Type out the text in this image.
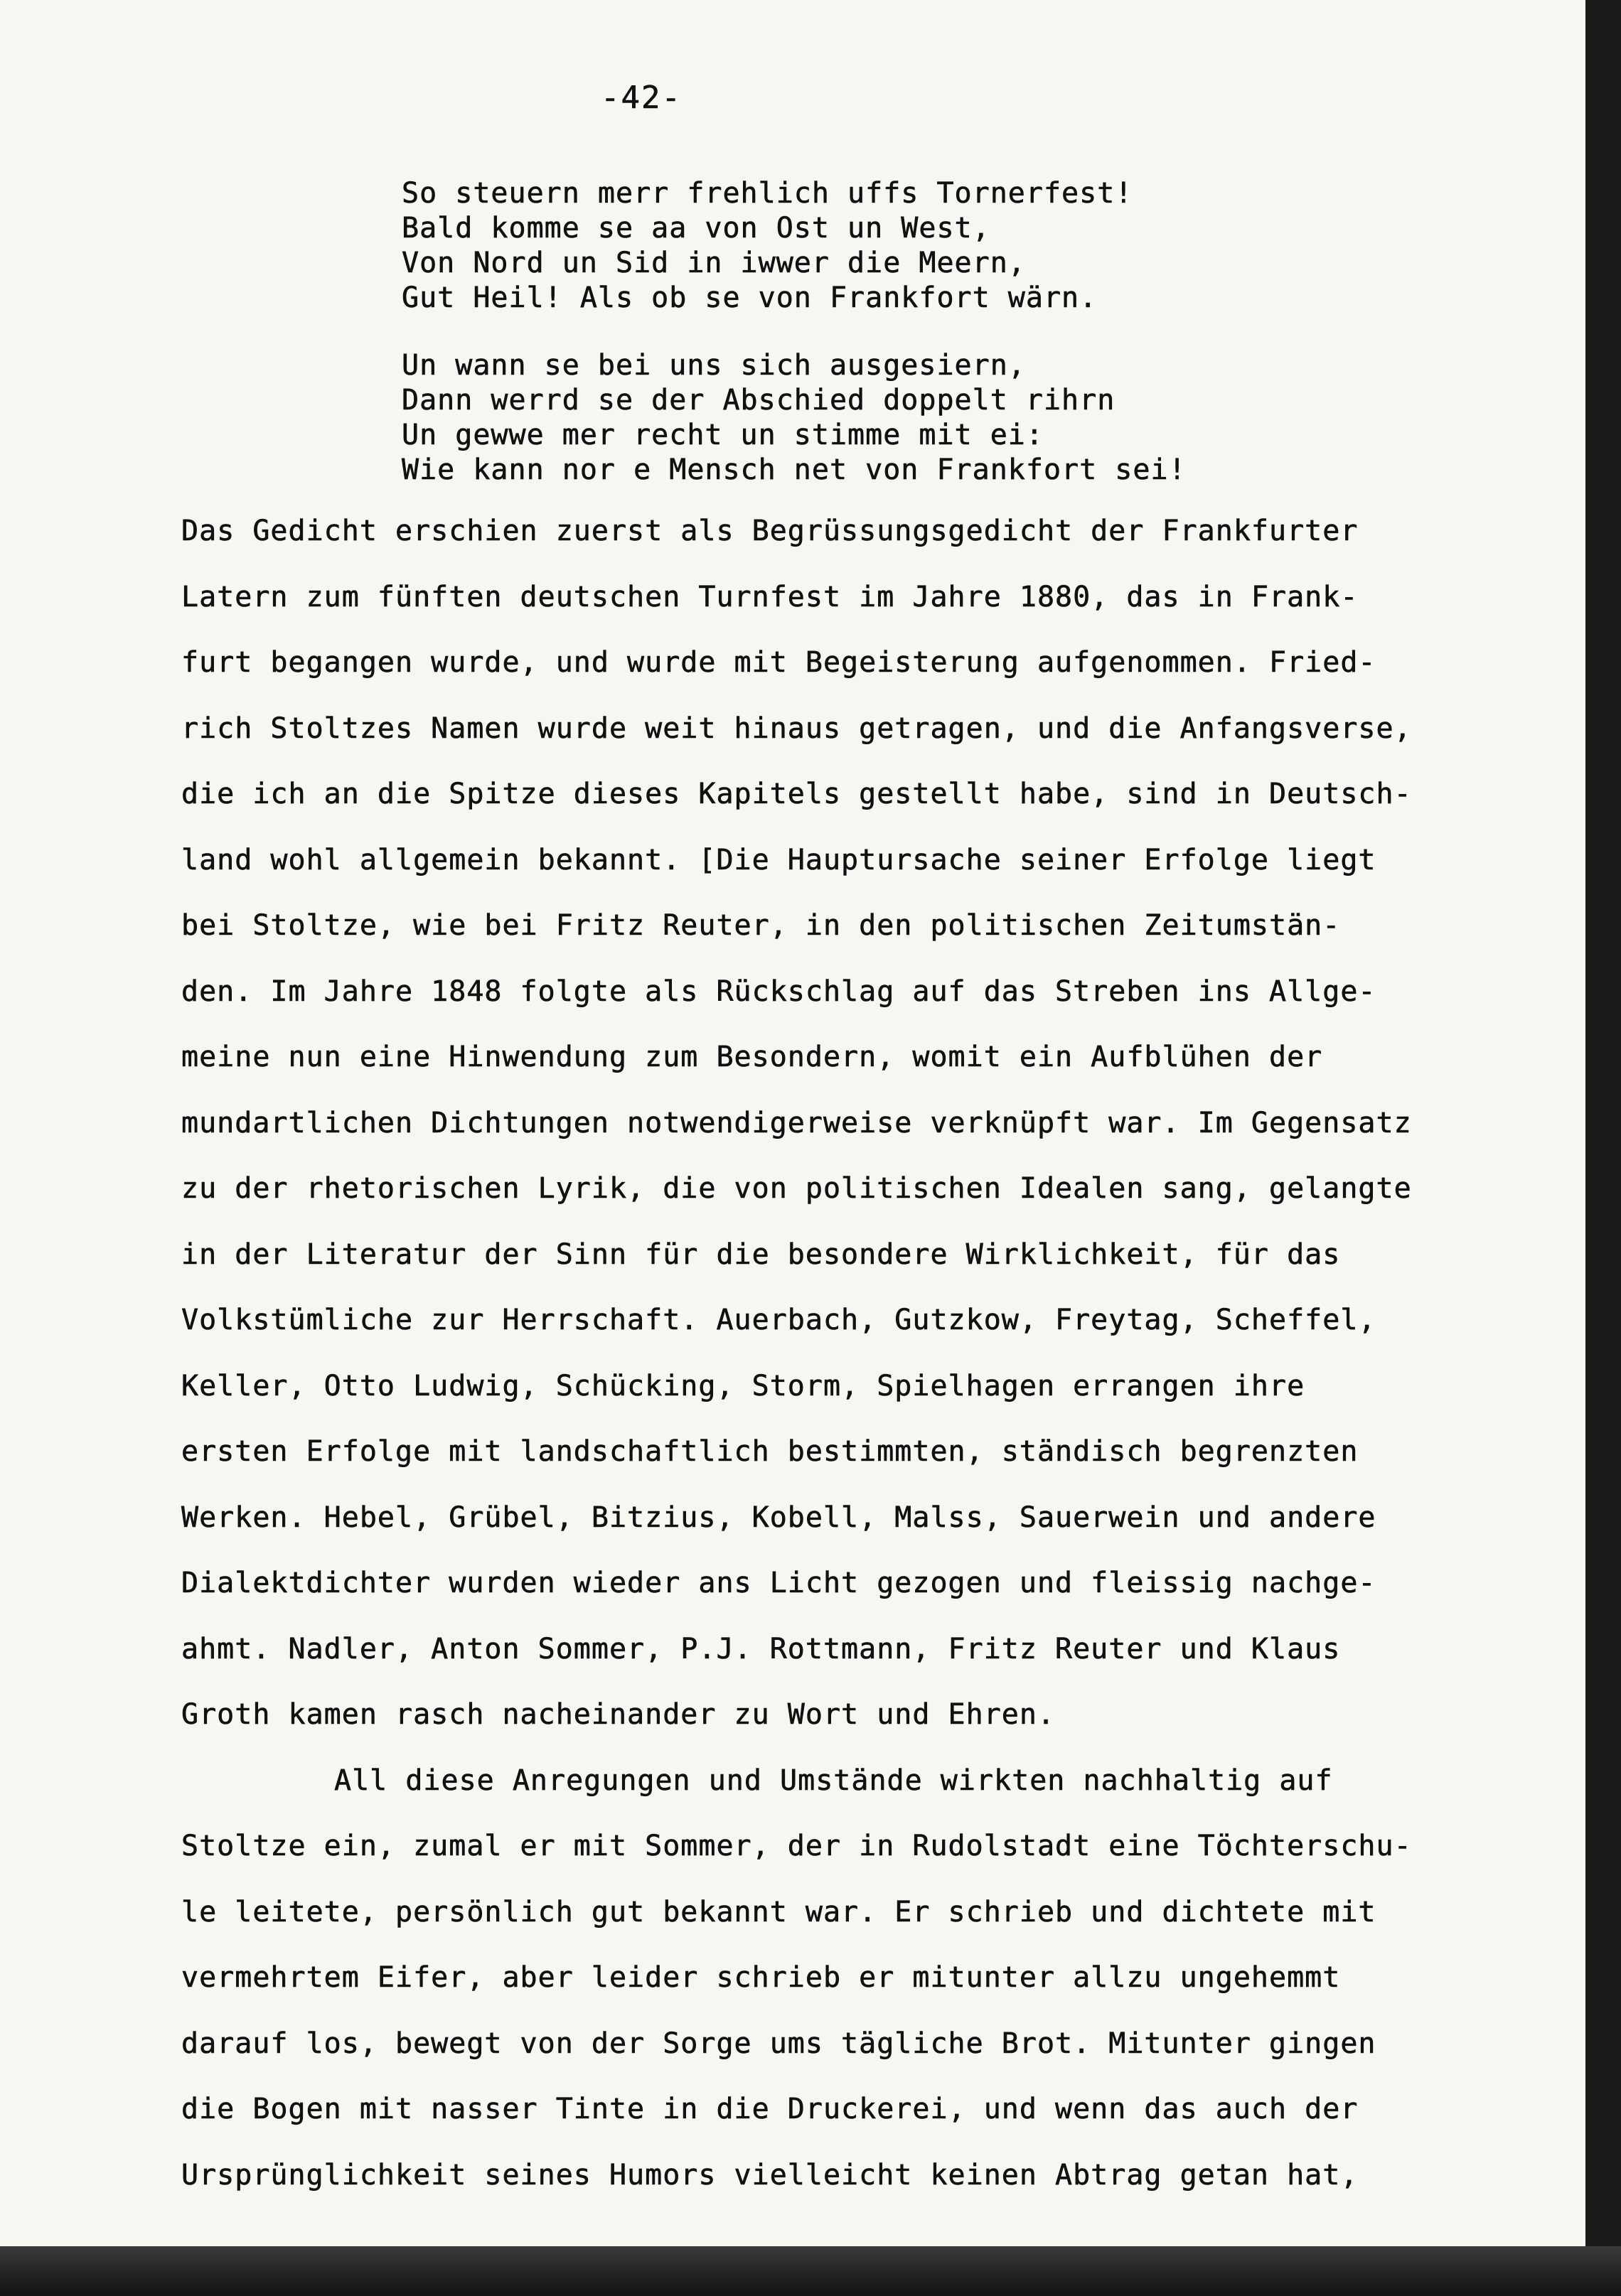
-42-
So steuern merr frehlich uffs Tornerfest!
Bald komme se aa von Ost un West,
Von Nord un Sid in iwwer die Meern,
Gut Heil! Als ob se von Frankfort wärn.
Un wann se bei uns sich ausgesiern,
Dann werrd se der Abschied doppelt rihrn
Un gewwe mer recht un stimme mit ei:
Wie kann nor e Mensch net von Frankfort sei!
Das Gedicht erschien zuerst als Begrüssungsgedicht der Frankfurter
Latern zum fünften deutschen Turnfest im Jahre 1880, das in Frank-
furt begangen wurde, und wurde mit Begeisterung aufgenommen. Fried-
rich Stoltzes Namen wurde weit hinaus getragen, und die Anfangsverse,
die ich an die Spitze dieses Kapitels gestellt habe, sind in Deutsch-
land wohl allgemein bekannt. [Die Hauptursache seiner Erfolge liegt
bei Stoltze, wie bei Fritz Reuter, in den politischen Zeitumstän-
den. Im Jahre 1848 folgte als Rückschlag auf das Streben ins Allge-
meine nun eine Hinwendung zum Besondern, womit ein Aufblühen der
mundartlichen Dichtungen notwendigerweise verknüpft war. Im Gegensatz
zu der rhetorischen Lyrik, die von politischen Idealen sang, gelangte
in der Literatur der Sinn für die besondere Wirklichkeit, für das
Volkstümliche zur Herrschaft. Auerbach, Gutzkow, Freytag, Scheffel,
Keller, Otto Ludwig, Schücking, Storm, Spielhagen errangen ihre
ersten Erfolge mit landschaftlich bestimmten, ständisch begrenzten
Werken. Hebel, Grübel, Bitzius, Kobell, Malss, Sauerwein und andere
Dialektdichter wurden wieder ans Licht gezogen und fleissig nachge-
ahmt. Nadler, Anton Sommer, P.J. Rottmann, Fritz Reuter und Klaus
Groth kamen rasch nacheinander zu Wort und Ehren.
All diese Anregungen und Umstände wirkten nachhaltig auf
Stoltze ein, zumal er mit Sommer, der in Rudolstadt eine Töchterschu-
le leitete, persönlich gut bekannt war. Er schrieb und dichtete mit
vermehrtem Eifer, aber leider schrieb er mitunter allzu ungehemmt
darauf los, bewegt von der Sorge ums tägliche Brot. Mitunter gingen
die Bogen mit nasser Tinte in die Druckerei, und wenn das auch der
Ursprünglichkeit seines Humors vielleicht keinen Abtrag getan hat,
